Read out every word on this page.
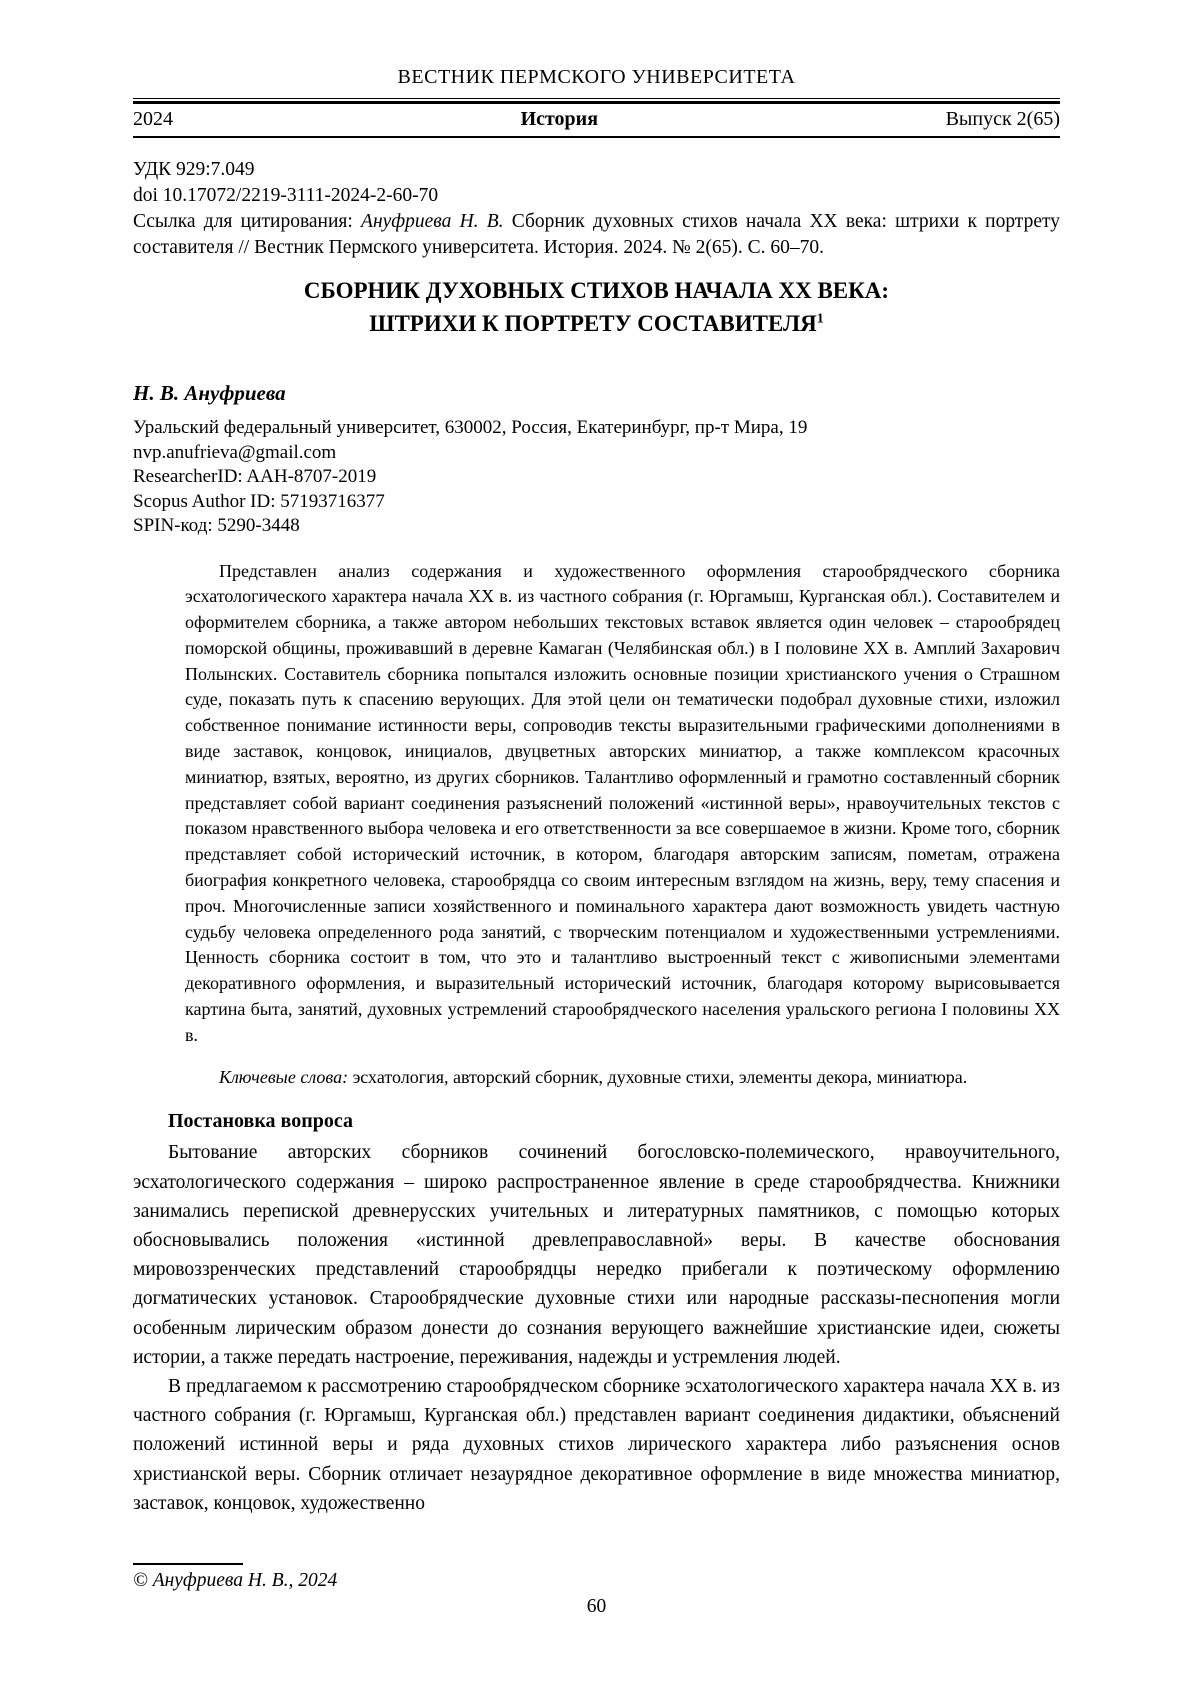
ВЕСТНИК ПЕРМСКОГО УНИВЕРСИТЕТА
2024	История	Выпуск 2(65)
УДК 929:7.049
doi 10.17072/2219-3111-2024-2-60-70
Ссылка для цитирования: Ануфриева Н. В. Сборник духовных стихов начала XX века: штрихи к портрету составителя // Вестник Пермского университета. История. 2024. № 2(65). С. 60–70.
СБОРНИК ДУХОВНЫХ СТИХОВ НАЧАЛА XX ВЕКА:
ШТРИХИ К ПОРТРЕТУ СОСТАВИТЕЛЯ$^1$
Н. В. Ануфриева
Уральский федеральный университет, 630002, Россия, Екатеринбург, пр-т Мира, 19
nvp.anufrieva@gmail.com
ResearcherID: AAH-8707-2019
Scopus Author ID: 57193716377
SPIN-код: 5290-3448

Представлен анализ содержания и художественного оформления старообрядческого сборника эсхатологического характера начала XX в. из частного собрания (г. Юргамыш, Курганская обл.). Составителем и оформителем сборника, а также автором небольших текстовых вставок является один человек – старообрядец поморской общины, проживавший в деревне Камаган (Челябинская обл.) в I половине XX в. Амплий Захарович Полынских. Составитель сборника попытался изложить основные позиции христианского учения о Страшном суде, показать путь к спасению верующих. Для этой цели он тематически подобрал духовные стихи, изложил собственное понимание истинности веры, сопроводив тексты выразительными графическими дополнениями в виде заставок, концовок, инициалов, двуцветных авторских миниатюр, а также комплексом красочных миниатюр, взятых, вероятно, из других сборников. Талантливо оформленный и грамотно составленный сборник представляет собой вариант соединения разъяснений положений «истинной веры», нравоучительных текстов с показом нравственного выбора человека и его ответственности за все совершаемое в жизни. Кроме того, сборник представляет собой исторический источник, в котором, благодаря авторским записям, пометам, отражена биография конкретного человека, старообрядца со своим интересным взглядом на жизнь, веру, тему спасения и проч. Многочисленные записи хозяйственного и поминального характера дают возможность увидеть частную судьбу человека определенного рода занятий, с творческим потенциалом и художественными устремлениями. Ценность сборника состоит в том, что это и талантливо выстроенный текст с живописными элементами декоративного оформления, и выразительный исторический источник, благодаря которому вырисовывается картина быта, занятий, духовных устремлений старообрядческого населения уральского региона I половины XX в.

Ключевые слова: эсхатология, авторский сборник, духовные стихи, элементы декора, миниатюра.
Постановка вопроса

Бытование авторских сборников сочинений богословско-полемического, нравоучительного, эсхатологического содержания – широко распространенное явление в среде старообрядчества. Книжники занимались перепиской древнерусских учительных и литературных памятников, с помощью которых обосновывались положения «истинной древлеправославной» веры. В качестве обоснования мировоззренческих представлений старообрядцы нередко прибегали к поэтическому оформлению догматических установок. Старообрядческие духовные стихи или народные рассказы-песнопения могли особенным лирическим образом донести до сознания верующего важнейшие христианские идеи, сюжеты истории, а также передать настроение, переживания, надежды и устремления людей.

В предлагаемом к рассмотрению старообрядческом сборнике эсхатологического характера начала XX в. из частного собрания (г. Юргамыш, Курганская обл.) представлен вариант соединения дидактики, объяснений положений истинной веры и ряда духовных стихов лирического характера либо разъяснения основ христианской веры. Сборник отличает незаурядное декоративное оформление в виде множества миниатюр, заставок, концовок, художественно

© Ануфриева Н. В., 2024
60
